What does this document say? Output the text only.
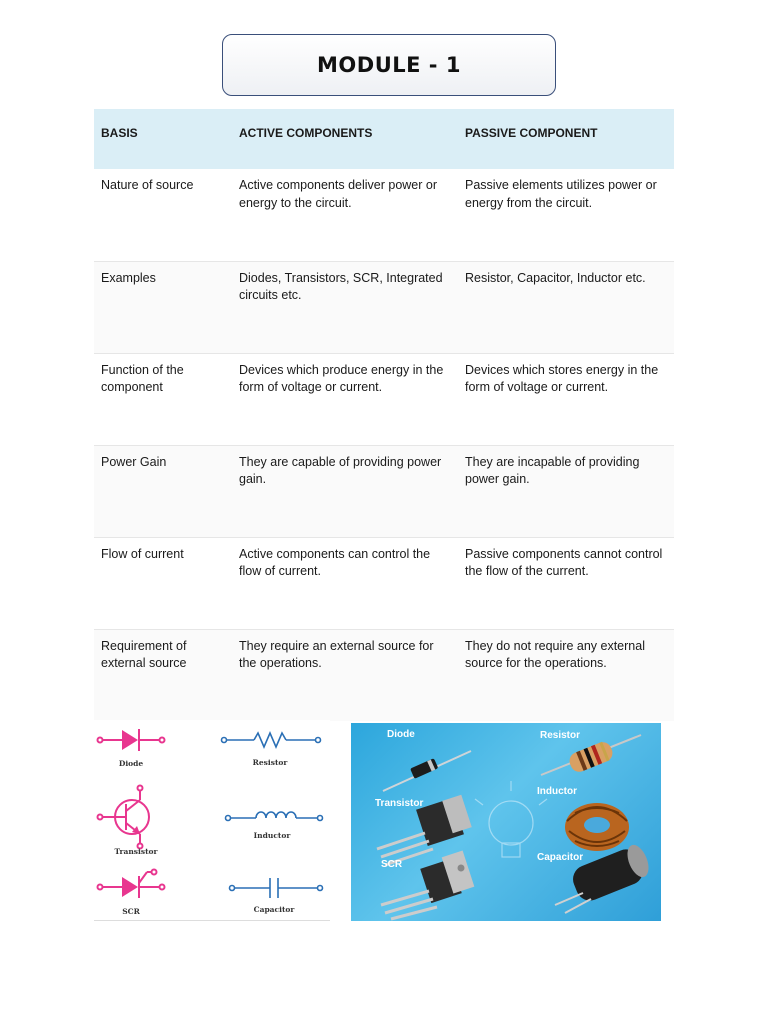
MODULE - 1
BASIS	ACTIVE COMPONENTS	PASSIVE COMPONENT
Nature of source	Active components deliver power or energy to the circuit.	Passive elements utilizes power or energy from the circuit.
Examples	Diodes, Transistors, SCR, Integrated circuits etc.	Resistor, Capacitor, Inductor etc.
Function of the component	Devices which produce energy in the form of voltage or current.	Devices which stores energy in the form of voltage or current.
Power Gain	They are capable of providing power gain.	They are incapable of providing power gain.
Flow of current	Active components can control the flow of current.	Passive components cannot control the flow of the current.
Requirement of external source	They require an external source for the operations.	They do not require any external source for the operations.
Diode	Resistor
Transistor
Inductor
SCR	Capacitor
Diode	Resistor
Transistor
Inductor
SCR
Capacitor
